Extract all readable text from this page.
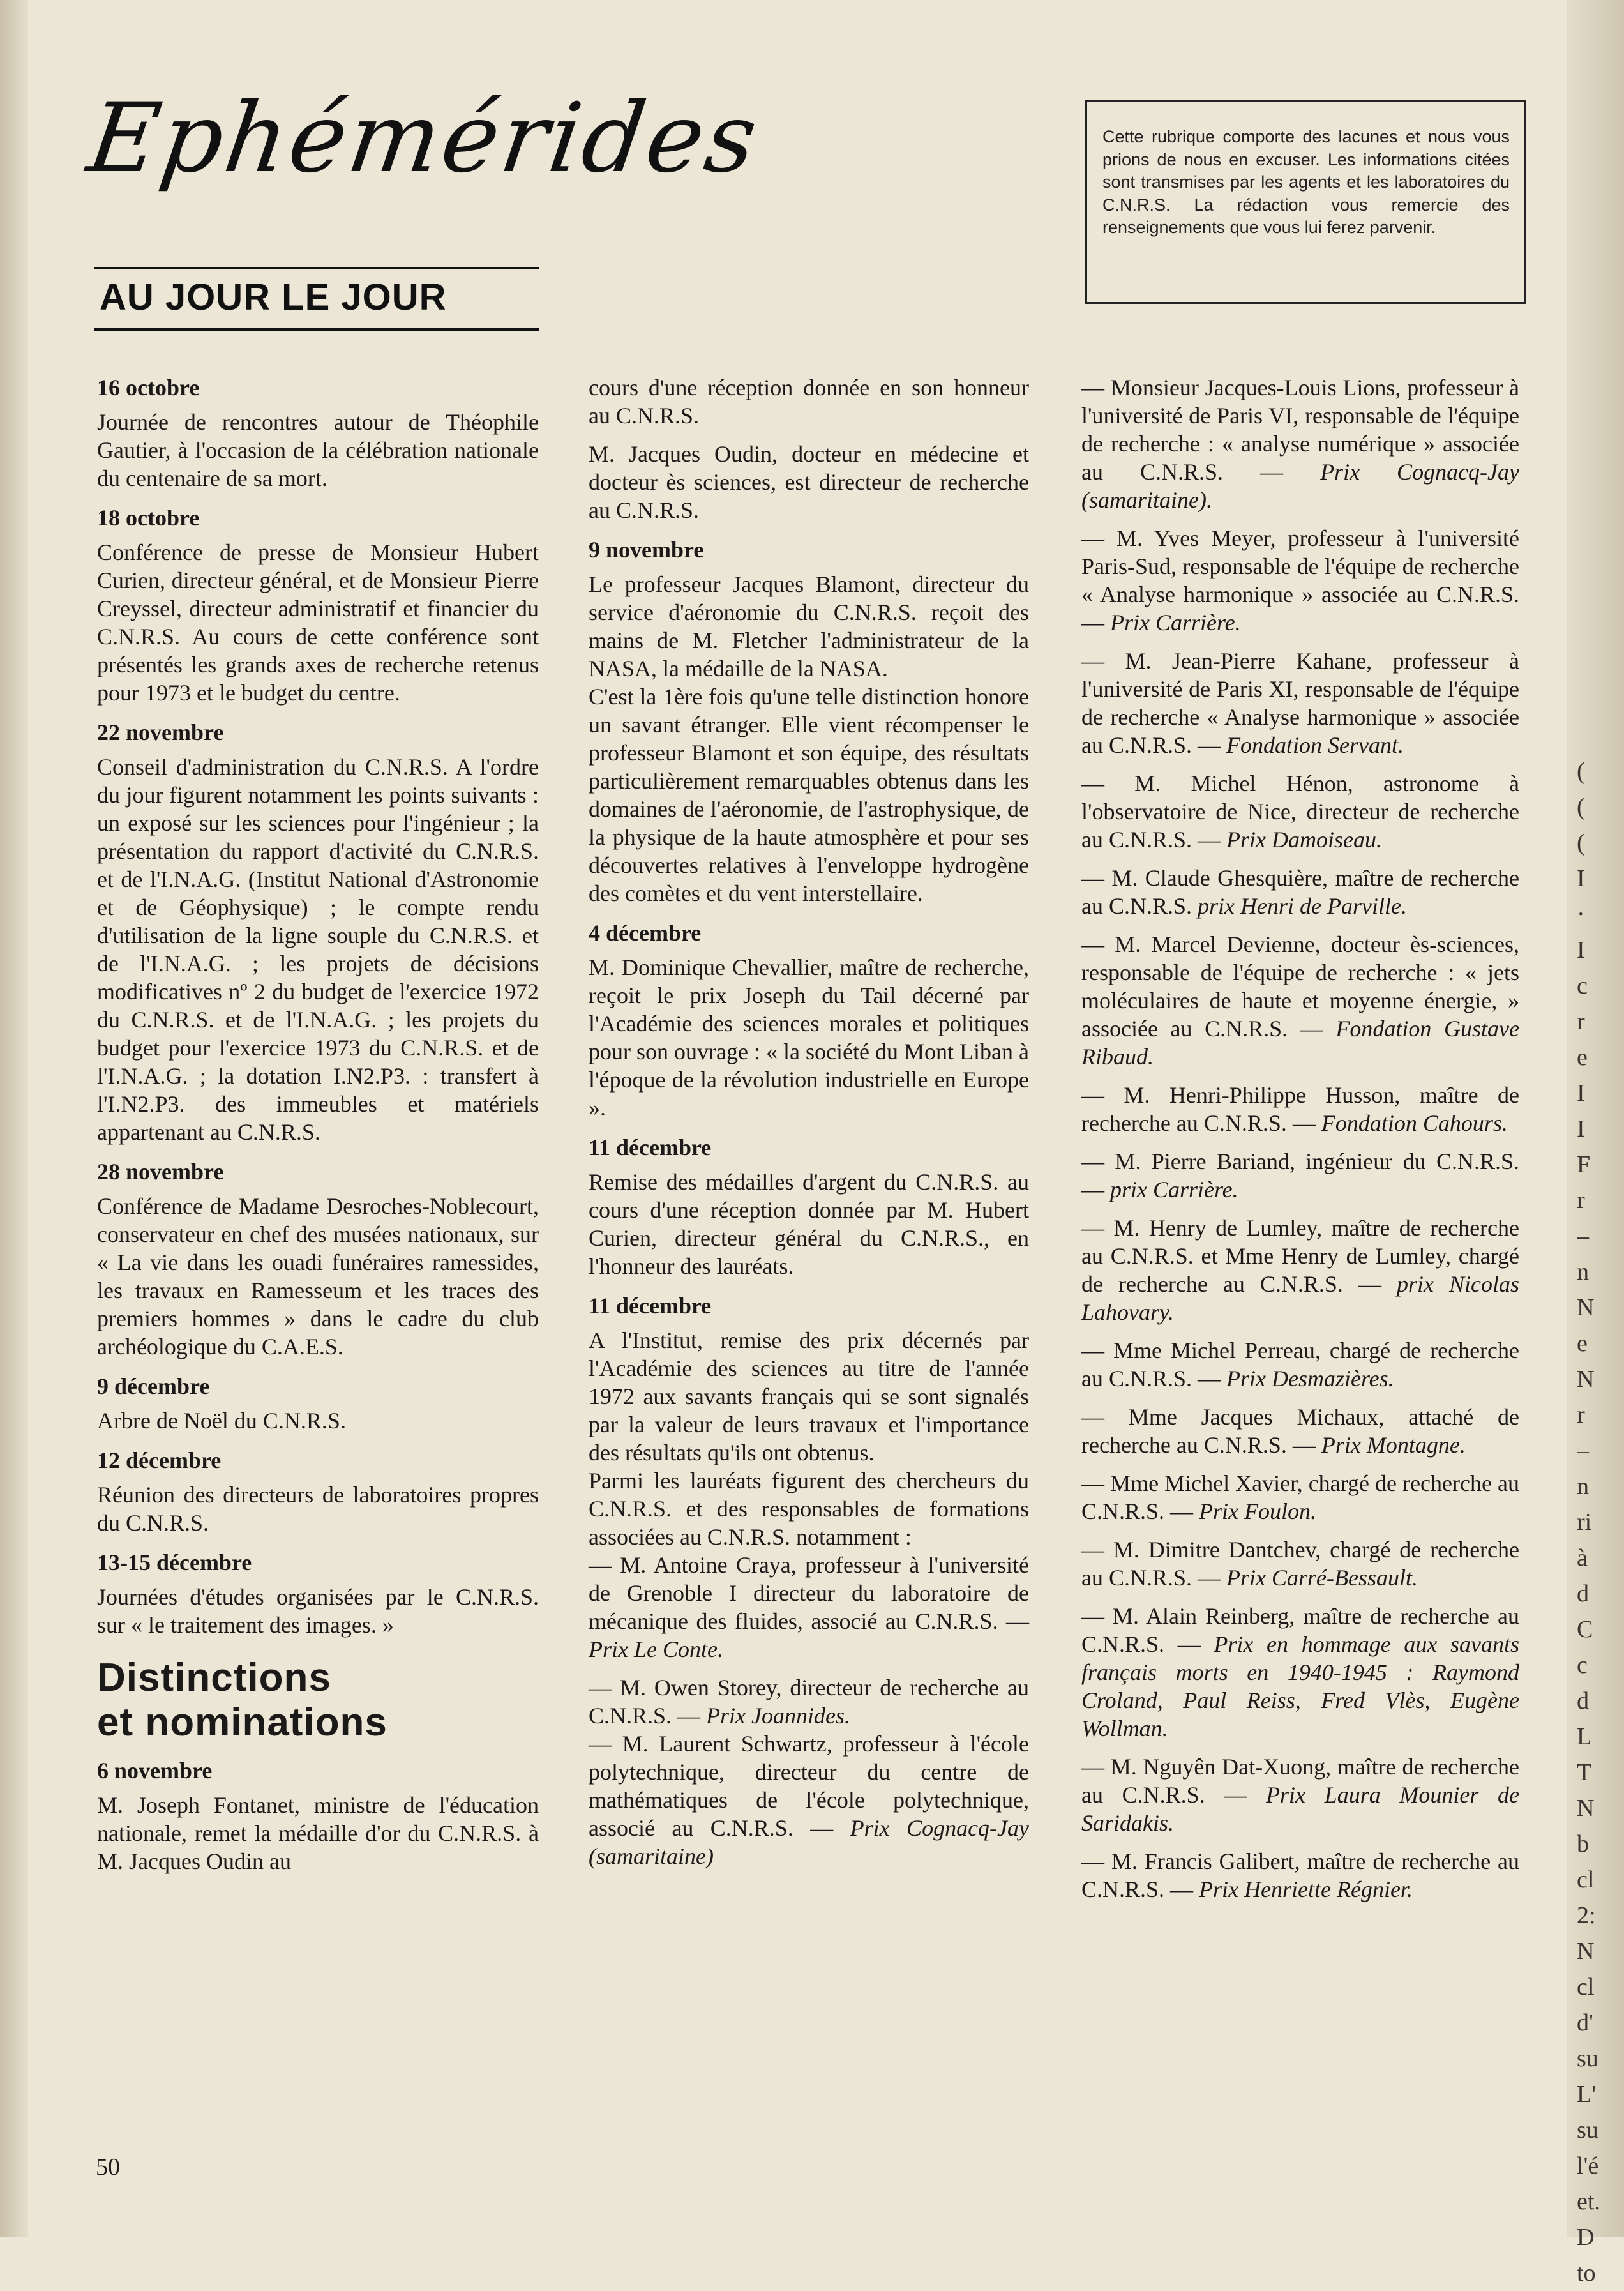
Ephémérides
AU JOUR LE JOUR
Cette rubrique comporte des lacunes et nous vous prions de nous en excuser. Les informations citées sont transmises par les agents et les laboratoires du C.N.R.S. La rédaction vous remercie des renseignements que vous lui ferez parvenir.
16 octobre

Journée de rencontres autour de Théophile Gautier, à l'occasion de la célébration nationale du centenaire de sa mort.

18 octobre

Conférence de presse de Monsieur Hubert Curien, directeur général, et de Monsieur Pierre Creyssel, directeur administratif et financier du C.N.R.S. Au cours de cette conférence sont présentés les grands axes de recherche retenus pour 1973 et le budget du centre.

22 novembre

Conseil d'administration du C.N.R.S. A l'ordre du jour figurent notamment les points suivants : un exposé sur les sciences pour l'ingénieur ; la présentation du rapport d'activité du C.N.R.S. et de l'I.N.A.G. (Institut National d'Astronomie et de Géophysique) ; le compte rendu d'utilisation de la ligne souple du C.N.R.S. et de l'I.N.A.G. ; les projets de décisions modificatives nº 2 du budget de l'exercice 1972 du C.N.R.S. et de l'I.N.A.G. ; les projets du budget pour l'exercice 1973 du C.N.R.S. et de l'I.N.A.G. ; la dotation I.N2.P3. : transfert à l'I.N2.P3. des immeubles et matériels appartenant au C.N.R.S.

28 novembre

Conférence de Madame Desroches-Noblecourt, conservateur en chef des musées nationaux, sur « La vie dans les ouadi funéraires ramessides, les travaux en Ramesseum et les traces des premiers hommes » dans le cadre du club archéologique du C.A.E.S.

9 décembre

Arbre de Noël du C.N.R.S.

12 décembre

Réunion des directeurs de laboratoires propres du C.N.R.S.

13-15 décembre

Journées d'études organisées par le C.N.R.S. sur « le traitement des images. »

Distinctions
et nominations
6 novembre

M. Joseph Fontanet, ministre de l'éducation nationale, remet la médaille d'or du C.N.R.S. à M. Jacques Oudin au

cours d'une réception donnée en son honneur au C.N.R.S.

M. Jacques Oudin, docteur en médecine et docteur ès sciences, est directeur de recherche au C.N.R.S.

9 novembre

Le professeur Jacques Blamont, directeur du service d'aéronomie du C.N.R.S. reçoit des mains de M. Fletcher l'administrateur de la NASA, la médaille de la NASA.

C'est la 1ère fois qu'une telle distinction honore un savant étranger. Elle vient récompenser le professeur Blamont et son équipe, des résultats particulièrement remarquables obtenus dans les domaines de l'aéronomie, de l'astrophysique, de la physique de la haute atmosphère et pour ses découvertes relatives à l'enveloppe hydrogène des comètes et du vent interstellaire.

4 décembre

M. Dominique Chevallier, maître de recherche, reçoit le prix Joseph du Tail décerné par l'Académie des sciences morales et politiques pour son ouvrage : « la société du Mont Liban à l'époque de la révolution industrielle en Europe ».

11 décembre

Remise des médailles d'argent du C.N.R.S. au cours d'une réception donnée par M. Hubert Curien, directeur général du C.N.R.S., en l'honneur des lauréats.

11 décembre

A l'Institut, remise des prix décernés par l'Académie des sciences au titre de l'année 1972 aux savants français qui se sont signalés par la valeur de leurs travaux et l'importance des résultats qu'ils ont obtenus.

Parmi les lauréats figurent des chercheurs du C.N.R.S. et des responsables de formations associées au C.N.R.S. notamment :

— M. Antoine Craya, professeur à l'université de Grenoble I directeur du laboratoire de mécanique des fluides, associé au C.N.R.S. — Prix Le Conte.

— M. Owen Storey, directeur de recherche au C.N.R.S. — Prix Joannides.

— M. Laurent Schwartz, professeur à l'école polytechnique, directeur du centre de mathématiques de l'école polytechnique, associé au C.N.R.S. — Prix Cognacq-Jay (samaritaine)

— Monsieur Jacques-Louis Lions, professeur à l'université de Paris VI, responsable de l'équipe de recherche : « analyse numérique » associée au C.N.R.S. — Prix Cognacq-Jay (samaritaine).

— M. Yves Meyer, professeur à l'université Paris-Sud, responsable de l'équipe de recherche « Analyse harmonique » associée au C.N.R.S. — Prix Carrière.

— M. Jean-Pierre Kahane, professeur à l'université de Paris XI, responsable de l'équipe de recherche « Analyse harmonique » associée au C.N.R.S. — Fondation Servant.

— M. Michel Hénon, astronome à l'observatoire de Nice, directeur de recherche au C.N.R.S. — Prix Damoiseau.

— M. Claude Ghesquière, maître de recherche au C.N.R.S. prix Henri de Parville.

— M. Marcel Devienne, docteur ès-sciences, responsable de l'équipe de recherche : « jets moléculaires de haute et moyenne énergie, » associée au C.N.R.S. — Fondation Gustave Ribaud.

— M. Henri-Philippe Husson, maître de recherche au C.N.R.S. — Fondation Cahours.

— M. Pierre Bariand, ingénieur du C.N.R.S. — prix Carrière.

— M. Henry de Lumley, maître de recherche au C.N.R.S. et Mme Henry de Lumley, chargé de recherche au C.N.R.S. — prix Nicolas Lahovary.

— Mme Michel Perreau, chargé de recherche au C.N.R.S. — Prix Desmazières.

— Mme Jacques Michaux, attaché de recherche au C.N.R.S. — Prix Montagne.

— Mme Michel Xavier, chargé de recherche au C.N.R.S. — Prix Foulon.

— M. Dimitre Dantchev, chargé de recherche au C.N.R.S. — Prix Carré-Bessault.

— M. Alain Reinberg, maître de recherche au C.N.R.S. — Prix en hommage aux savants français morts en 1940-1945 : Raymond Croland, Paul Reiss, Fred Vlès, Eugène Wollman.

— M. Nguyên Dat-Xuong, maître de recherche au C.N.R.S. — Prix Laura Mounier de Saridakis.

— M. Francis Galibert, maître de recherche au C.N.R.S. — Prix Henriette Régnier.

(
(
(
I
·
I
c
r
e
I
I
F
r
–
n
N
e
N
r
–
n
ri
à
d
C
c
d
L
T
N
b
cl
2:
N
cl
d'
su
L'
su
l'é
et.
D
to
50
